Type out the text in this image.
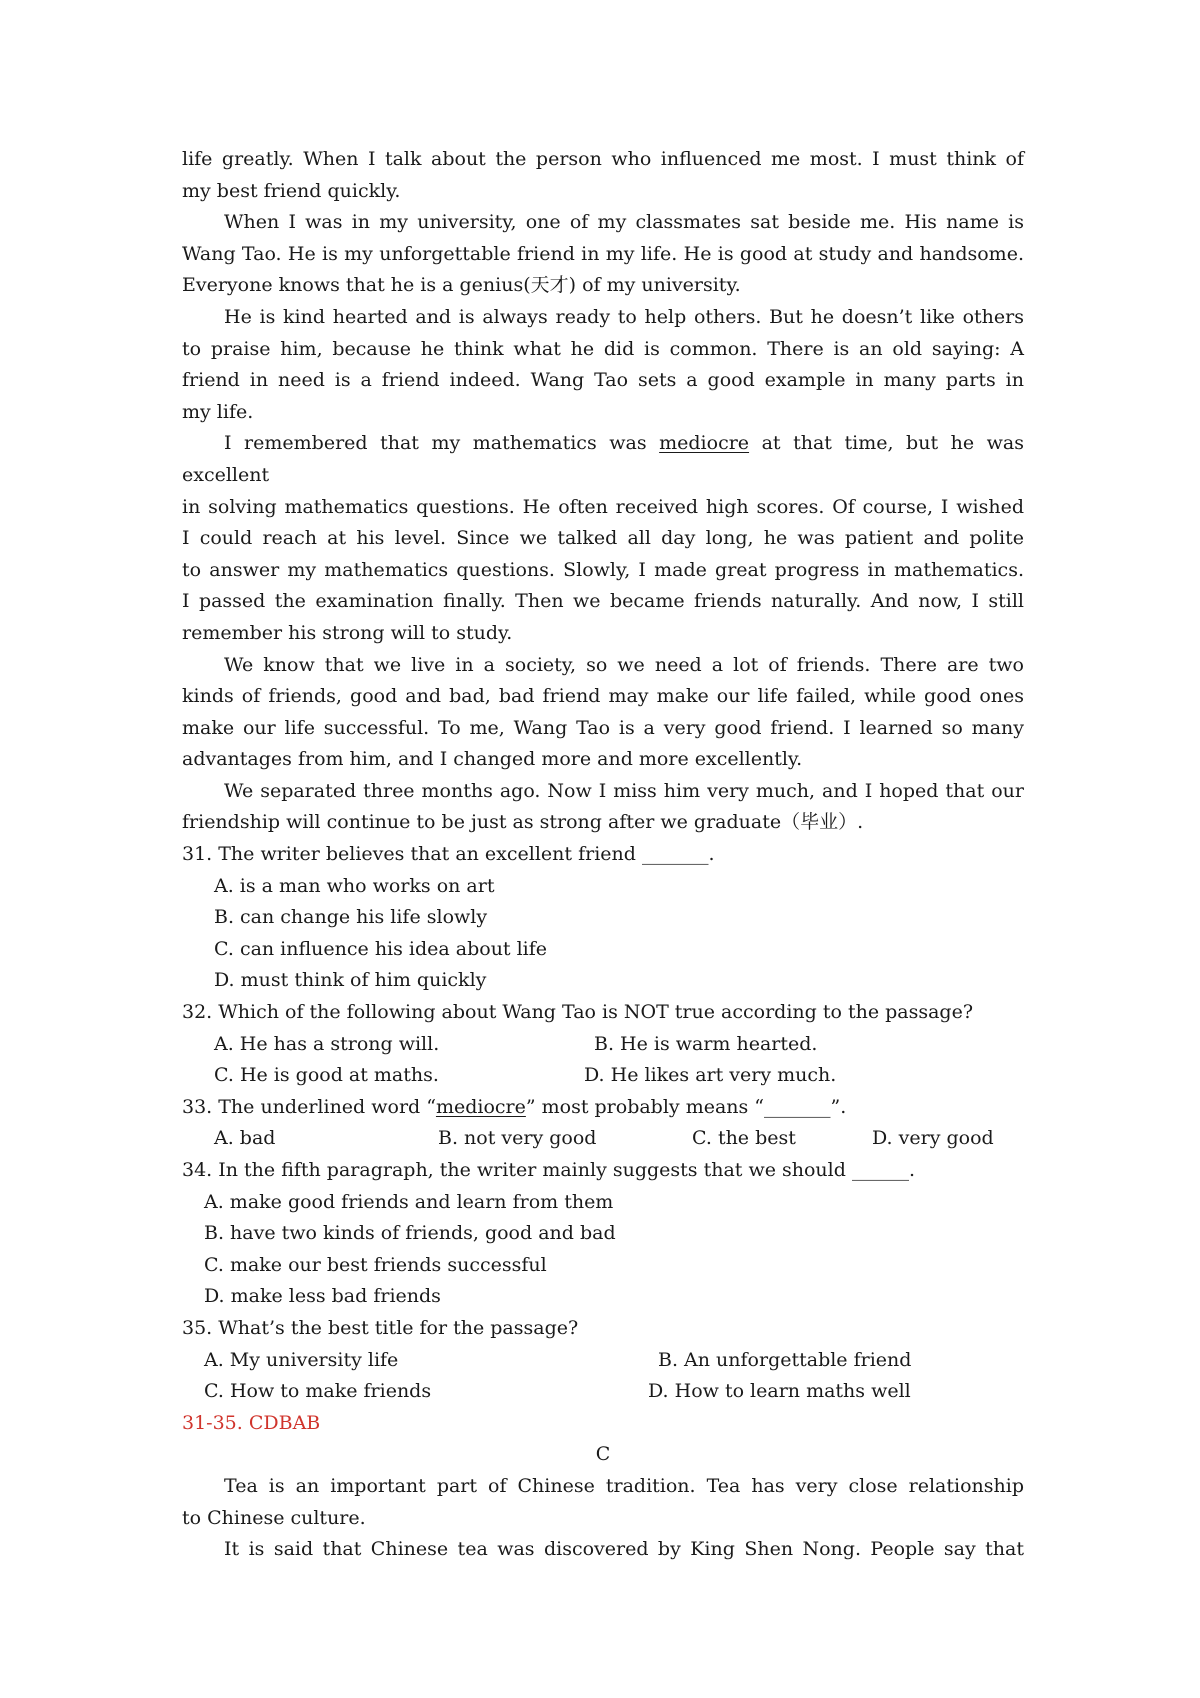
life greatly. When I talk about the person who influenced me most. I must think of

my best friend quickly.

When I was in my university, one of my classmates sat beside me. His name is

Wang Tao. He is my unforgettable friend in my life. He is good at study and handsome.

Everyone knows that he is a genius(天才) of my university.

He is kind hearted and is always ready to help others. But he doesn’t like others

to praise him, because he think what he did is common. There is an old saying: A

friend in need is a friend indeed. Wang Tao sets a good example in many parts in

my life.

I remembered that my mathematics was mediocre at that time, but he was excellent

in solving mathematics questions. He often received high scores. Of course, I wished

I could reach at his level. Since we talked all day long, he was patient and polite

to answer my mathematics questions. Slowly, I made great progress in mathematics.

I passed the examination finally. Then we became friends naturally. And now, I still

remember his strong will to study.

We know that we live in a society, so we need a lot of friends. There are two

kinds of friends, good and bad, bad friend may make our life failed, while good ones

make our life successful. To me, Wang Tao is a very good friend. I learned so many

advantages from him, and I changed more and more excellently.

We separated three months ago. Now I miss him very much, and I hoped that our

friendship will continue to be just as strong after we graduate（毕业）.

31. The writer believes that an excellent friend _______.

A. is a man who works on art

B. can change his life slowly

C. can influence his idea about life

D. must think of him quickly

32. Which of the following about Wang Tao is NOT true according to the passage?

A. He has a strong will.

	B. He is warm hearted.

C. He is good at maths.

	D. He likes art very much.

33. The underlined word “mediocre” most probably means “_______”.

A. bad

	B. not very good

	C. the best

	D. very good

34. In the fifth paragraph, the writer mainly suggests that we should ______.

A. make good friends and learn from them

B. have two kinds of friends, good and bad

C. make our best friends successful

D. make less bad friends

35. What’s the best title for the passage?

A. My university life

	B. An unforgettable friend

C. How to make friends

	D. How to learn maths well

31-35. CDBAB

C

Tea is an important part of Chinese tradition. Tea has very close relationship

to Chinese culture.

It is said that Chinese tea was discovered by King Shen Nong. People say that
